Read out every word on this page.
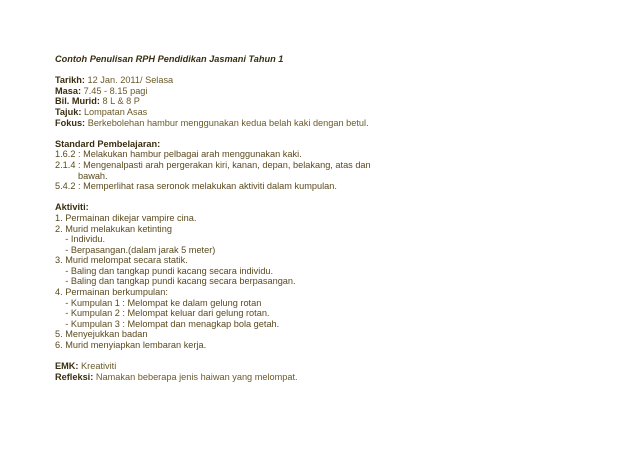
Contoh Penulisan RPH Pendidikan Jasmani Tahun 1
Tarikh: 12 Jan. 2011/ Selasa
Masa: 7.45 - 8.15 pagi
Bil. Murid: 8 L & 8 P
Tajuk: Lompatan Asas
Fokus: Berkebolehan hambur menggunakan kedua belah kaki dengan betul.
Standard Pembelajaran:
1.6.2 : Melakukan hambur pelbagai arah menggunakan kaki.
2.1.4 : Mengenalpasti arah pergerakan kiri, kanan, depan, belakang, atas dan
bawah.
5.4.2 : Memperlihat rasa seronok melakukan aktiviti dalam kumpulan.
Aktiviti:
1. Permainan dikejar vampire cina.
2. Murid melakukan ketinting
- Individu.
- Berpasangan.(dalam jarak 5 meter)
3. Murid melompat secara statik.
- Baling dan tangkap pundi kacang secara individu.
- Baling dan tangkap pundi kacang secara berpasangan.
4. Permainan berkumpulan:
- Kumpulan 1 : Melompat ke dalam gelung rotan
- Kumpulan 2 : Melompat keluar dari gelung rotan.
- Kumpulan 3 : Melompat dan menagkap bola getah.
5. Menyejukkan badan
6. Murid menyiapkan lembaran kerja.
EMK: Kreativiti
Refleksi: Namakan beberapa jenis haiwan yang melompat.
